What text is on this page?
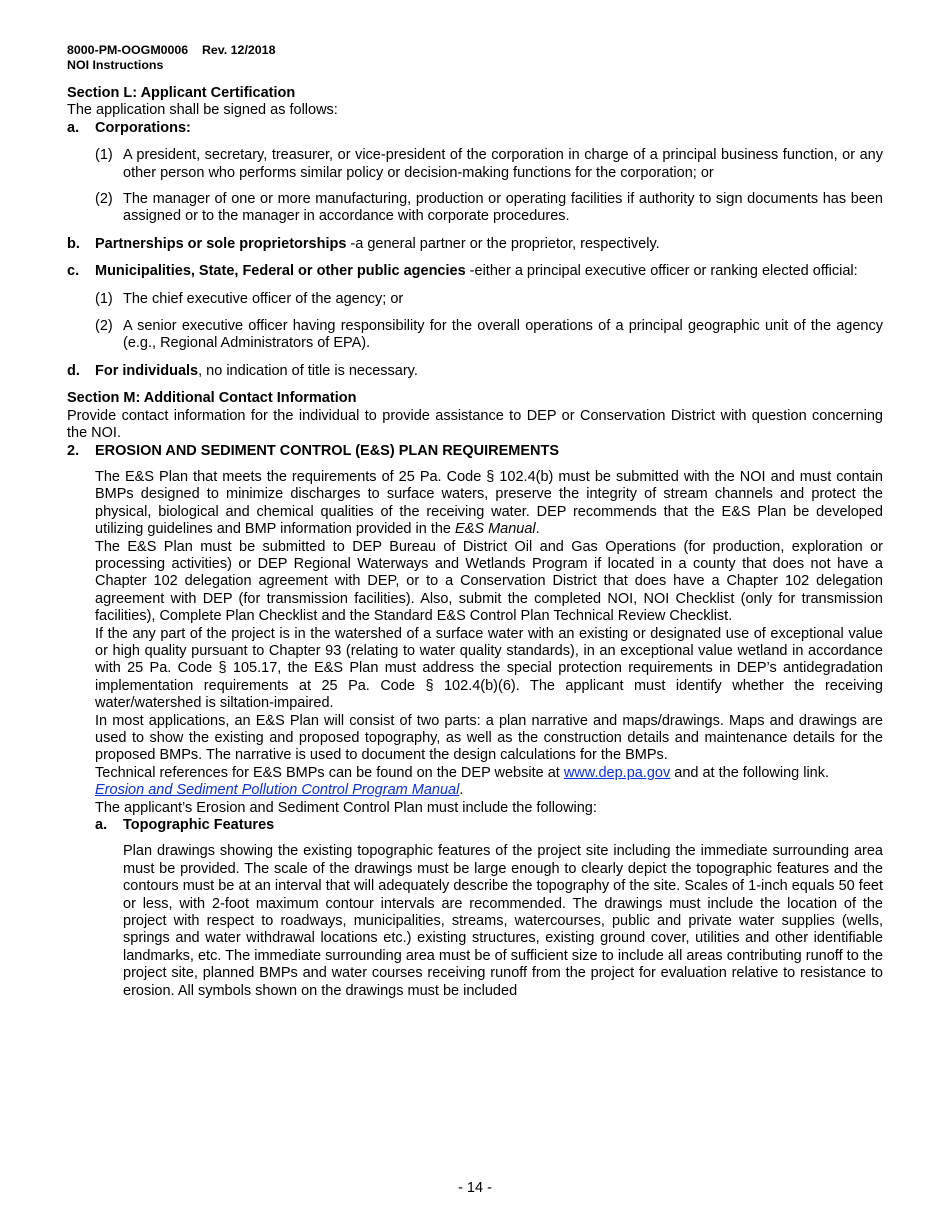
8000-PM-OOGM0006    Rev. 12/2018
NOI Instructions

Section L: Applicant Certification

The application shall be signed as follows:

a. Corporations:
(1) A president, secretary, treasurer, or vice-president of the corporation in charge of a principal business function, or any other person who performs similar policy or decision-making functions for the corporation; or
(2) The manager of one or more manufacturing, production or operating facilities if authority to sign documents has been assigned or to the manager in accordance with corporate procedures.
b. Partnerships or sole proprietorships -a general partner or the proprietor, respectively.
c. Municipalities, State, Federal or other public agencies -either a principal executive officer or ranking elected official:
(1) The chief executive officer of the agency; or
(2) A senior executive officer having responsibility for the overall operations of a principal geographic unit of the agency (e.g., Regional Administrators of EPA).
d. For individuals, no indication of title is necessary.

Section M: Additional Contact Information

Provide contact information for the individual to provide assistance to DEP or Conservation District with question concerning the NOI.

2. EROSION AND SEDIMENT CONTROL (E&S) PLAN REQUIREMENTS

The E&S Plan that meets the requirements of 25 Pa. Code § 102.4(b) must be submitted with the NOI and must contain BMPs designed to minimize discharges to surface waters, preserve the integrity of stream channels and protect the physical, biological and chemical qualities of the receiving water. DEP recommends that the E&S Plan be developed utilizing guidelines and BMP information provided in the E&S Manual.

The E&S Plan must be submitted to DEP Bureau of District Oil and Gas Operations (for production, exploration or processing activities) or DEP Regional Waterways and Wetlands Program if located in a county that does not have a Chapter 102 delegation agreement with DEP, or to a Conservation District that does have a Chapter 102 delegation agreement with DEP (for transmission facilities). Also, submit the completed NOI, NOI Checklist (only for transmission facilities), Complete Plan Checklist and the Standard E&S Control Plan Technical Review Checklist.

If the any part of the project is in the watershed of a surface water with an existing or designated use of exceptional value or high quality pursuant to Chapter 93 (relating to water quality standards), in an exceptional value wetland in accordance with 25 Pa. Code § 105.17, the E&S Plan must address the special protection requirements in DEP’s antidegradation implementation requirements at 25 Pa. Code § 102.4(b)(6). The applicant must identify whether the receiving water/watershed is siltation-impaired.

In most applications, an E&S Plan will consist of two parts: a plan narrative and maps/drawings. Maps and drawings are used to show the existing and proposed topography, as well as the construction details and maintenance details for the proposed BMPs. The narrative is used to document the design calculations for the BMPs.

Technical references for E&S BMPs can be found on the DEP website at www.dep.pa.gov and at the following link.

Erosion and Sediment Pollution Control Program Manual.

The applicant’s Erosion and Sediment Control Plan must include the following:

a. Topographic Features

Plan drawings showing the existing topographic features of the project site including the immediate surrounding area must be provided. The scale of the drawings must be large enough to clearly depict the topographic features and the contours must be at an interval that will adequately describe the topography of the site. Scales of 1-inch equals 50 feet or less, with 2-foot maximum contour intervals are recommended. The drawings must include the location of the project with respect to roadways, municipalities, streams, watercourses, public and private water supplies (wells, springs and water withdrawal locations etc.) existing structures, existing ground cover, utilities and other identifiable landmarks, etc. The immediate surrounding area must be of sufficient size to include all areas contributing runoff to the project site, planned BMPs and water courses receiving runoff from the project for evaluation relative to resistance to erosion. All symbols shown on the drawings must be included

- 14 -
